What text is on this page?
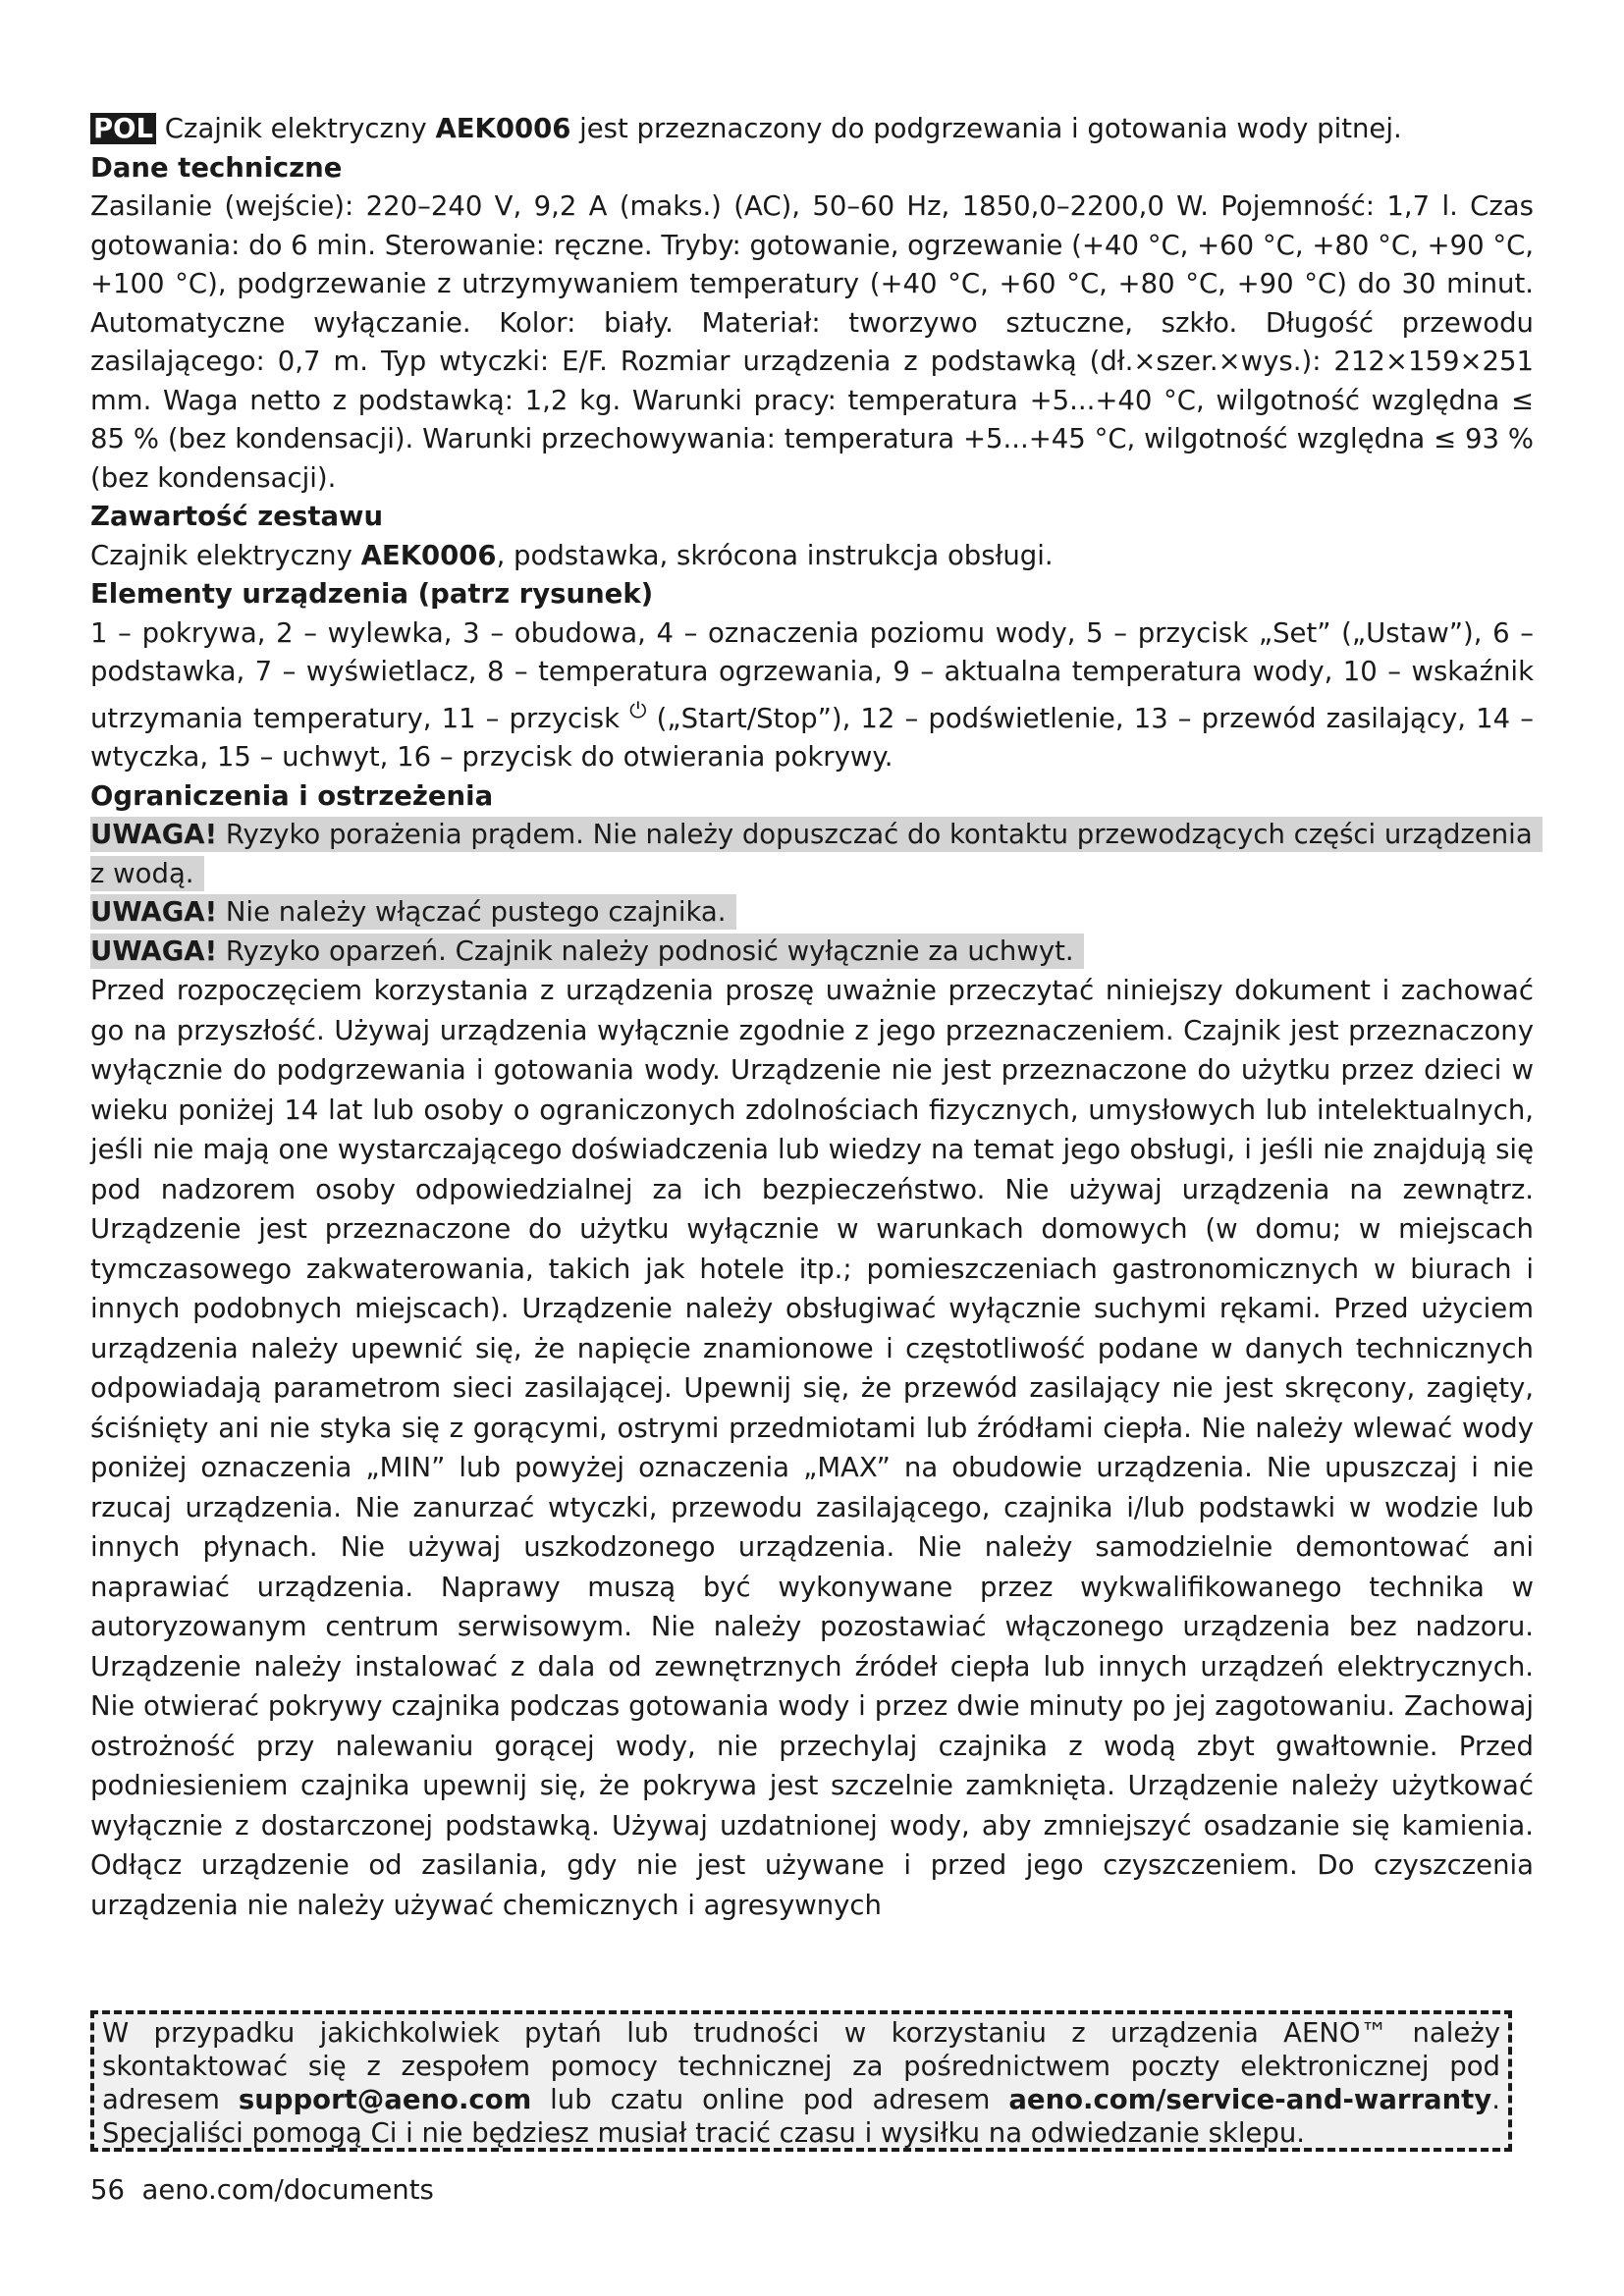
POL Czajnik elektryczny AEK0006 jest przeznaczony do podgrzewania i gotowania wody pitnej.

Dane techniczne

Zasilanie (wejście): 220–240 V, 9,2 A (maks.) (AC), 50–60 Hz, 1850,0–2200,0 W. Pojemność: 1,7 l. Czas gotowania: do 6 min. Sterowanie: ręczne. Tryby: gotowanie, ogrzewanie (+40 °C, +60 °C, +80 °C, +90 °C, +100 °C), podgrzewanie z utrzymywaniem temperatury (+40 °C, +60 °C, +80 °C, +90 °C) do 30 minut. Automatyczne wyłączanie. Kolor: biały. Materiał: tworzywo sztuczne, szkło. Długość przewodu zasilającego: 0,7 m. Typ wtyczki: E/F. Rozmiar urządzenia z podstawką (dł.×szer.×wys.): 212×159×251 mm. Waga netto z podstawką: 1,2 kg. Warunki pracy: temperatura +5...+40 °C, wilgotność względna ≤ 85 % (bez kondensacji). Warunki przechowywania: temperatura +5...+45 °C, wilgotność względna ≤ 93 % (bez kondensacji).

Zawartość zestawu

Czajnik elektryczny AEK0006, podstawka, skrócona instrukcja obsługi.

Elementy urządzenia (patrz rysunek)

1 – pokrywa, 2 – wylewka, 3 – obudowa, 4 – oznaczenia poziomu wody, 5 – przycisk „Set” („Ustaw”), 6 – podstawka, 7 – wyświetlacz, 8 – temperatura ogrzewania, 9 – aktualna temperatura wody, 10 – wskaźnik utrzymania temperatury, 11 – przycisk ⏻ („Start/Stop”), 12 – podświetlenie, 13 – przewód zasilający, 14 – wtyczka, 15 – uchwyt, 16 – przycisk do otwierania pokrywy.

Ograniczenia i ostrzeżenia
UWAGA! Ryzyko porażenia prądem. Nie należy dopuszczać do kontaktu przewodzących części urządzenia z wodą.
UWAGA! Nie należy włączać pustego czajnika.
UWAGA! Ryzyko oparzeń. Czajnik należy podnosić wyłącznie za uchwyt.

Przed rozpoczęciem korzystania z urządzenia proszę uważnie przeczytać niniejszy dokument i zachować go na przyszłość. Używaj urządzenia wyłącznie zgodnie z jego przeznaczeniem. Czajnik jest przeznaczony wyłącznie do podgrzewania i gotowania wody. Urządzenie nie jest przeznaczone do użytku przez dzieci w wieku poniżej 14 lat lub osoby o ograniczonych zdolnościach fizycznych, umysłowych lub intelektualnych, jeśli nie mają one wystarczającego doświadczenia lub wiedzy na temat jego obsługi, i jeśli nie znajdują się pod nadzorem osoby odpowiedzialnej za ich bezpieczeństwo. Nie używaj urządzenia na zewnątrz. Urządzenie jest przeznaczone do użytku wyłącznie w warunkach domowych (w domu; w miejscach tymczasowego zakwaterowania, takich jak hotele itp.; pomieszczeniach gastronomicznych w biurach i innych podobnych miejscach). Urządzenie należy obsługiwać wyłącznie suchymi rękami. Przed użyciem urządzenia należy upewnić się, że napięcie znamionowe i częstotliwość podane w danych technicznych odpowiadają parametrom sieci zasilającej. Upewnij się, że przewód zasilający nie jest skręcony, zagięty, ściśnięty ani nie styka się z gorącymi, ostrymi przedmiotami lub źródłami ciepła. Nie należy wlewać wody poniżej oznaczenia „MIN” lub powyżej oznaczenia „MAX” na obudowie urządzenia. Nie upuszczaj i nie rzucaj urządzenia. Nie zanurzać wtyczki, przewodu zasilającego, czajnika i/lub podstawki w wodzie lub innych płynach. Nie używaj uszkodzonego urządzenia. Nie należy samodzielnie demontować ani naprawiać urządzenia. Naprawy muszą być wykonywane przez wykwalifikowanego technika w autoryzowanym centrum serwisowym. Nie należy pozostawiać włączonego urządzenia bez nadzoru. Urządzenie należy instalować z dala od zewnętrznych źródeł ciepła lub innych urządzeń elektrycznych. Nie otwierać pokrywy czajnika podczas gotowania wody i przez dwie minuty po jej zagotowaniu. Zachowaj ostrożność przy nalewaniu gorącej wody, nie przechylaj czajnika z wodą zbyt gwałtownie. Przed podniesieniem czajnika upewnij się, że pokrywa jest szczelnie zamknięta. Urządzenie należy użytkować wyłącznie z dostarczonej podstawką. Używaj uzdatnionej wody, aby zmniejszyć osadzanie się kamienia. Odłącz urządzenie od zasilania, gdy nie jest używane i przed jego czyszczeniem. Do czyszczenia urządzenia nie należy używać chemicznych i agresywnych

W przypadku jakichkolwiek pytań lub trudności w korzystaniu z urządzenia AENO™ należy skontaktować się z zespołem pomocy technicznej za pośrednictwem poczty elektronicznej pod adresem support@aeno.com lub czatu online pod adresem aeno.com/service-and-warranty. Specjaliści pomogą Ci i nie będziesz musiał tracić czasu i wysiłku na odwiedzanie sklepu.

56 aeno.com/documents
